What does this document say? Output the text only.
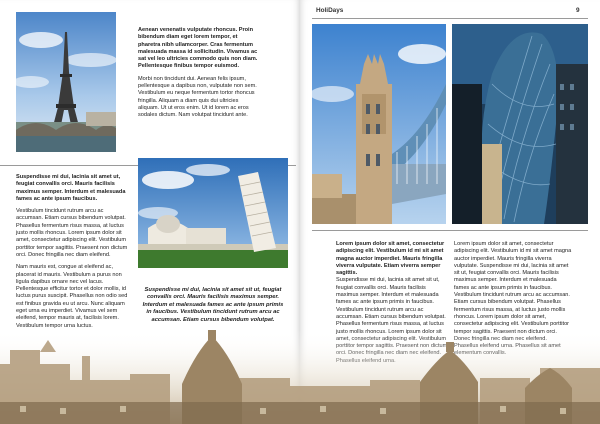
Aenean venenatis vulputate rhoncus. Proin bibendum diam eget lorem tempor, et pharetra nibh ullamcorper. Cras fermentum malesuada massa id sollicitudin. Vivamus ac sat vel leo ultricies commodo quis non diam. Pellentesque finibus tempor euismod.

Morbi non tincidunt dui. Aenean felis ipsum, pellentesque a dapibus non, vulputate non sem. Vestibulum eu neque fermentum tortor rhoncus fringilla. Aliquam a diam quis dui ultricies aliquam. Ut ut eros enim. Ut id lorem ac eros sodales dictum. Nam volutpat tincidunt ante.

Suspendisse mi dui, lacinia sit amet ut, feugiat convallis orci. Mauris facilisis maximus semper. Interdum et malesuada fames ac ante ipsum faucibus.

Vestibulum tincidunt rutrum arcu ac accumsan. Etiam cursus bibendum volutpat. Phasellus fermentum risus massa, at luctus justo mollis rhoncus. Lorem ipsum dolor sit amet, consectetur adipiscing elit. Vestibulum porttitor tempor sagittis. Praesent non dictum orci. Donec fringilla nec diam eleifend.

Nam mauris est, congue at eleifend ac, placerat id mauris. Vestibulum a purus non ligula dapibus ornare nec vel lacus. Pellentesque efficitur tortor et dolor mollis, id luctus purus suscipit. Phasellus non odio sed est finibus gravida eu ut arcu. Nunc aliquam eget urna eu imperdiet. Vivamus vel sem eleifend, tempor mauris at, facilisis lorem. Vestibulum tempor urna luctus.

Suspendisse mi dui, lacinia sit amet sit ut, feugiat convallis orci. Mauris facilisis maximus semper. Interdum et malesuada fames ac ante ipsum primis in faucibus. Vestibulum tincidunt rutrum arcu ac accumsan. Etiam cursus bibendum volutpat.
HoliDays	9

Lorem ipsum dolor sit amet, consectetur adipiscing elit. Vestibulum id mi sit amet magna auctor imperdiet. Mauris fringilla viverra vulputate. Etiam viverra semper sagittis.

Suspendisse mi dui, lacinia sit amet sit ut, feugiat convallis orci. Mauris facilisis maximus semper. Interdum et malesuada fames ac ante ipsum primis in faucibus. Vestibulum tincidunt rutrum arcu ac accumsan. Etiam cursus bibendum volutpat. Phasellus fermentum risus massa, at luctus

Lorem ipsum dolor sit amet, consectetur adipiscing elit. Vestibulum id mi sit amet magna auctor imperdiet. Mauris fringilla viverra vulputate. Suspendisse mi dui, lacinia sit amet sit ut, feugiat convallis orci. Mauris facilisis maximus semper. Interdum et malesuada fames ac ante ipsum primis in faucibus. Vestibulum tincidunt rutrum arcu ac accumsan. Etiam cursus bibendum volutpat. Phasellus fermentum risus massa, at luctus justo mollis rhoncus. Lorem ipsum dolor sit amet, consectetur adipiscing elit. Vestibulum porttitor
